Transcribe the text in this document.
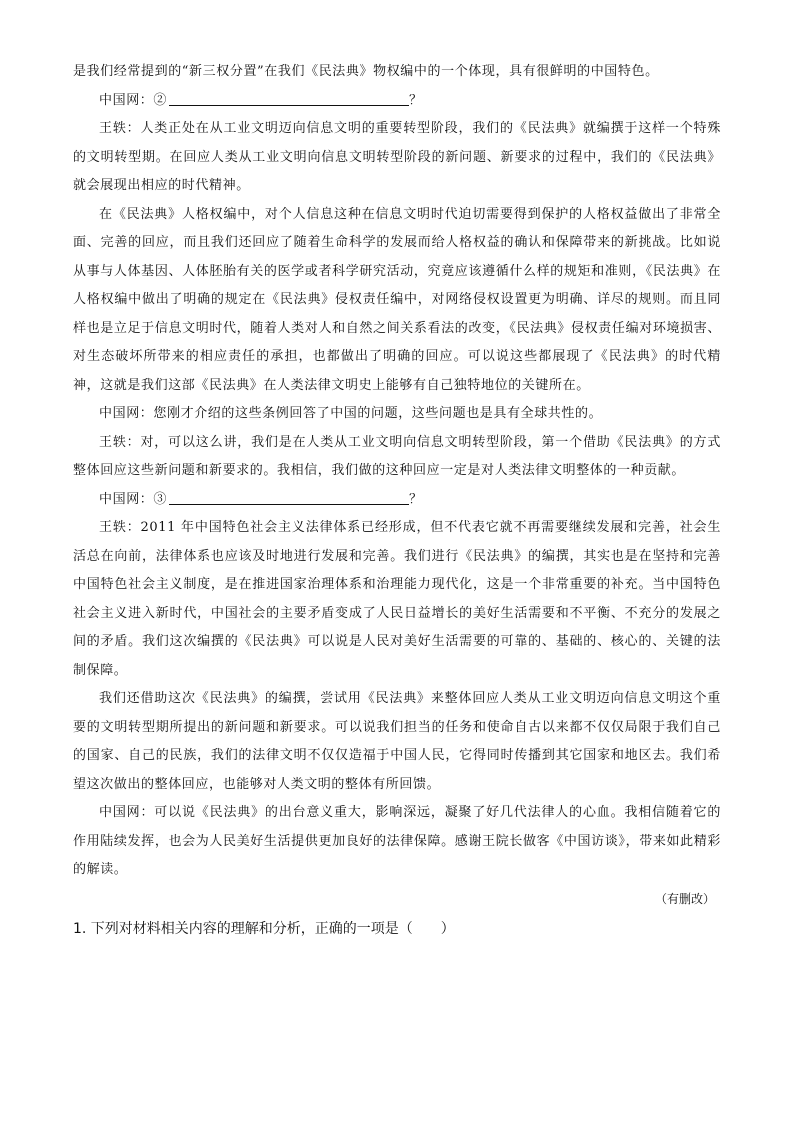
是我们经常提到的“新三权分置”在我们《民法典》物权编中的一个体现，具有很鲜明的中国特色。

中国网：②	？

王轶：人类正处在从工业文明迈向信息文明的重要转型阶段，我们的《民法典》就编撰于这样一个特殊的文明转型期。在回应人类从工业文明向信息文明转型阶段的新问题、新要求的过程中，我们的《民法典》就会展现出相应的时代精神。

在《民法典》人格权编中，对个人信息这种在信息文明时代迫切需要得到保护的人格权益做出了非常全面、完善的回应，而且我们还回应了随着生命科学的发展而给人格权益的确认和保障带来的新挑战。比如说从事与人体基因、人体胚胎有关的医学或者科学研究活动，究竟应该遵循什么样的规矩和准则，《民法典》在人格权编中做出了明确的规定在《民法典》侵权责任编中，对网络侵权设置更为明确、详尽的规则。而且同样也是立足于信息文明时代，随着人类对人和自然之间关系看法的改变，《民法典》侵权责任编对环境损害、对生态破坏所带来的相应责任的承担，也都做出了明确的回应。可以说这些都展现了《民法典》的时代精神，这就是我们这部《民法典》在人类法律文明史上能够有自己独特地位的关键所在。

中国网：您刚才介绍的这些条例回答了中国的问题，这些问题也是具有全球共性的。

王轶：对，可以这么讲，我们是在人类从工业文明向信息文明转型阶段，第一个借助《民法典》的方式整体回应这些新问题和新要求的。我相信，我们做的这种回应一定是对人类法律文明整体的一种贡献。

中国网：③	？

王轶：2011 年中国特色社会主义法律体系已经形成，但不代表它就不再需要继续发展和完善，社会生活总在向前，法律体系也应该及时地进行发展和完善。我们进行《民法典》的编撰，其实也是在坚持和完善中国特色社会主义制度，是在推进国家治理体系和治理能力现代化，这是一个非常重要的补充。当中国特色社会主义进入新时代，中国社会的主要矛盾变成了人民日益增长的美好生活需要和不平衡、不充分的发展之间的矛盾。我们这次编撰的《民法典》可以说是人民对美好生活需要的可靠的、基础的、核心的、关键的法制保障。

我们还借助这次《民法典》的编撰，尝试用《民法典》来整体回应人类从工业文明迈向信息文明这个重要的文明转型期所提出的新问题和新要求。可以说我们担当的任务和使命自古以来都不仅仅局限于我们自己的国家、自己的民族，我们的法律文明不仅仅造福于中国人民，它得同时传播到其它国家和地区去。我们希望这次做出的整体回应，也能够对人类文明的整体有所回馈。

中国网：可以说《民法典》的出台意义重大，影响深远，凝聚了好几代法律人的心血。我相信随着它的作用陆续发挥，也会为人民美好生活提供更加良好的法律保障。感谢王院长做客《中国访谈》，带来如此精彩的解读。

（有删改）

1. 下列对材料相关内容的理解和分析，正确的一项是（　　）
